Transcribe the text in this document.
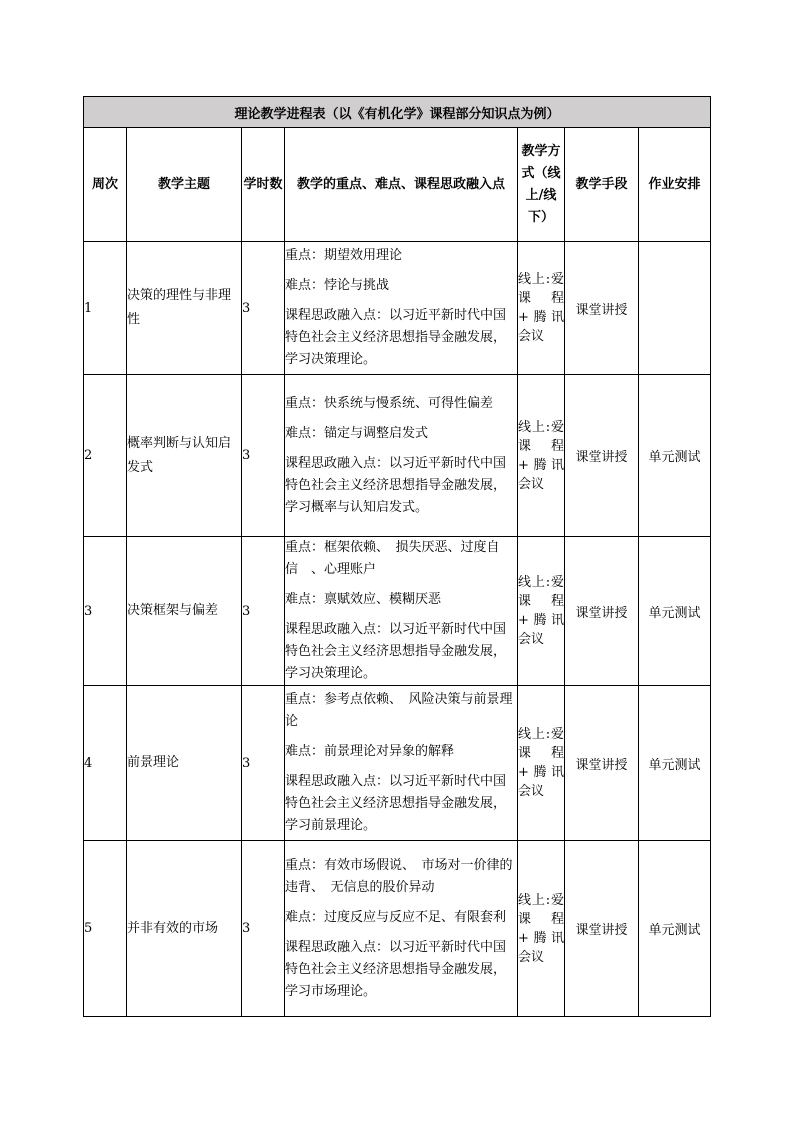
理论教学进程表（以《有机化学》课程部分知识点为例）						
周次	教学主题	学时数	教学的重点、难点、课程思政融入点	教学方式（线上/线下）	教学手段	作业安排
1	决策的理性与非理性	3	重点：期望效用理论

难点：悖论与挑战

课程思政融入点：以习近平新时代中国特色社会主义经济思想指导金融发展，学习决策理论。	线上:爱课程+腾讯会议	课堂讲授	
2	概率判断与认知启发式	3	重点：快系统与慢系统、可得性偏差

难点：锚定与调整启发式

课程思政融入点：以习近平新时代中国特色社会主义经济思想指导金融发展，学习概率与认知启发式。	线上:爱课程+腾讯会议	课堂讲授	单元测试
3	决策框架与偏差	3	重点：框架依赖、　损失厌恶、过度自信　、心理账户

难点：禀赋效应、模糊厌恶

课程思政融入点：以习近平新时代中国特色社会主义经济思想指导金融发展，学习决策理论。	线上:爱课程+腾讯会议	课堂讲授	单元测试
4	前景理论	3	重点：参考点依赖、　风险决策与前景理论

难点：前景理论对异象的解释

课程思政融入点：以习近平新时代中国特色社会主义经济思想指导金融发展，学习前景理论。	线上:爱课程+腾讯会议	课堂讲授	单元测试
5	并非有效的市场	3	重点：有效市场假说、　市场对一价律的违背、　无信息的股价异动

难点：过度反应与反应不足、有限套利

课程思政融入点：以习近平新时代中国特色社会主义经济思想指导金融发展，学习市场理论。	线上:爱课程+腾讯会议	课堂讲授	单元测试
